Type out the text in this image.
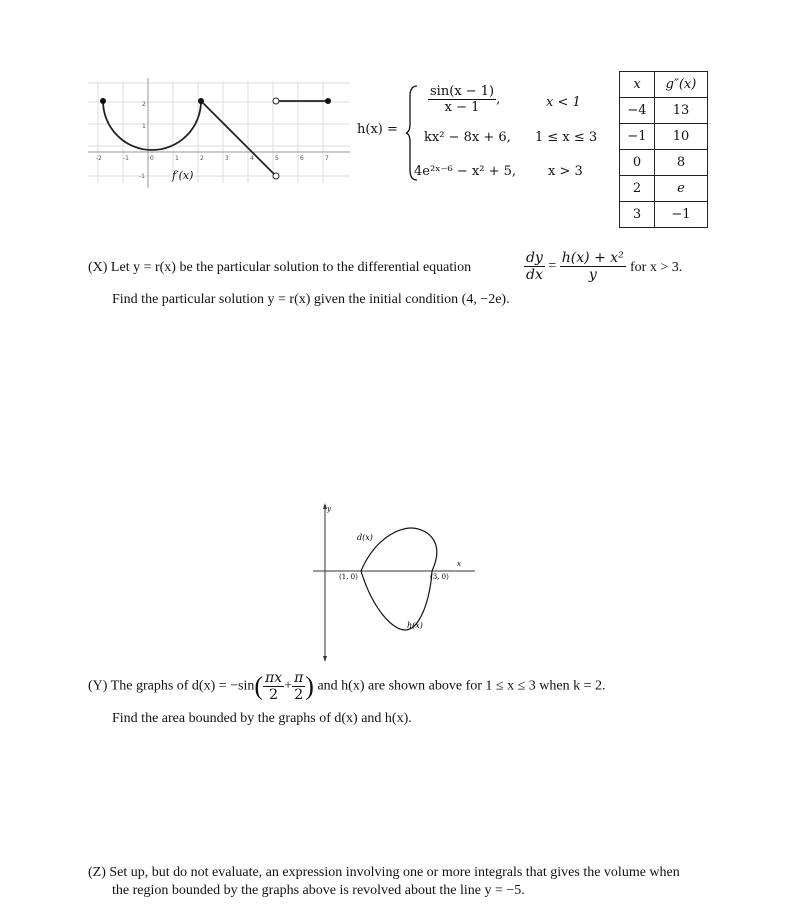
-2	-1	0	1	2	3	4	5	6	7
2
1
-1 f′(x)
h(x) =
$\frac{\sin(x - 1)}{x - 1}$ ,	x < 1
kx² − 8x + 6, 1 ≤ x ≤ 3
4e²ˣ⁻⁶ − x² + 5, x > 3
x	g″(x)
−4	13
−1	10
0	8
2	e
3	−1
(X) Let y = r(x) be the particular solution to the differential equation	$\frac{dy}{dx} = \frac{\text{h(x) + x²}}{y}$ for x > 3.
Find the particular solution y = r(x) given the initial condition (4, −2e).
y
x
d(x)
h(x)
(1, 0)	(3, 0)
(Y) The graphs of $d(x) = -\sin( \frac{\pi x}{2} + \frac{\pi}{2}$ ) and h(x) are shown above for 1 ≤ x ≤ 3 when k = 2.
Find the area bounded by the graphs of d(x) and h(x).
(Z) Set up, but do not evaluate, an expression involving one or more integrals that gives the volume when
the region bounded by the graphs above is revolved about the line y = −5.
